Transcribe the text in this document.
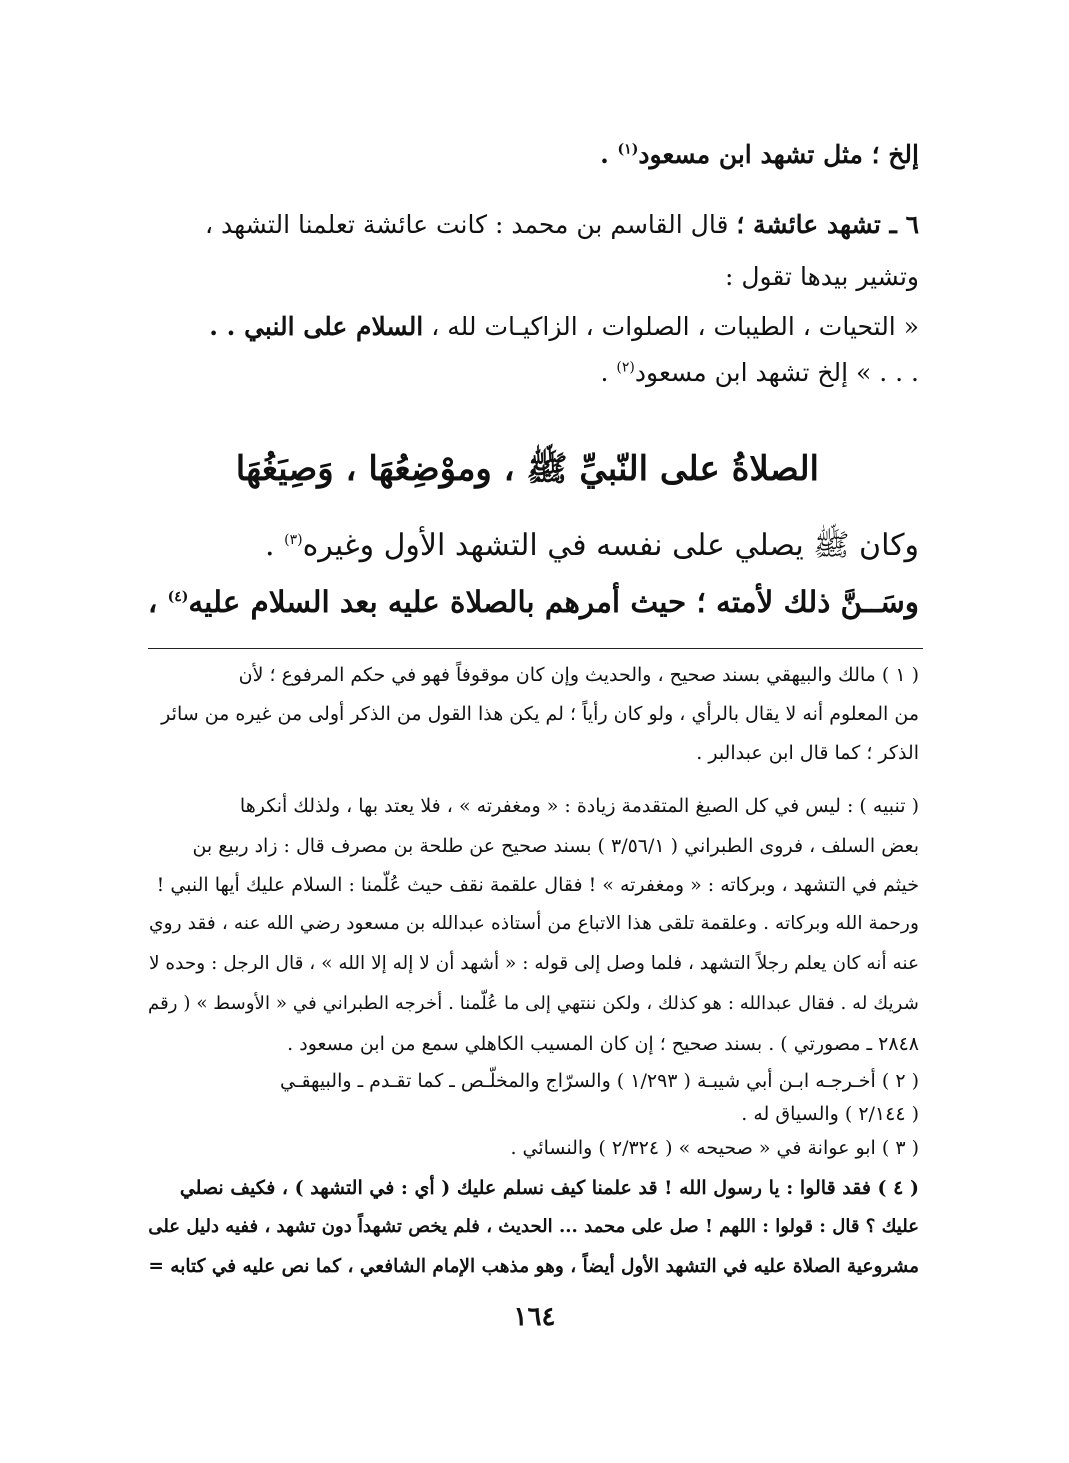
إلخ ؛ مثل تشهد ابن مسعود$^{(١)}$ .
٦ ـ تشهد عائشة ؛ قال القاسم بن محمد : كانت عائشة تعلمنا التشهد ،
وتشير بيدها تقول :
« التحيات ، الطيبات ، الصلوات ، الزاكيـات لله ، السلام على النبي . .
. . . » إلخ تشهد ابن مسعود$^{(٢)}$ .
الصلاةُ على النّبيِّ ﷺ ، وموْضِعُهَا ، وَصِيَغُهَا
وكان ﷺ يصلي على نفسه في التشهد الأول وغيره$^{(٣)}$ .
وسَــنَّ ذلك لأمته ؛ حيث أمرهم بالصلاة عليه بعد السلام عليه$^{(٤)}$ ،
( ١ ) مالك والبيهقي بسند صحيح ، والحديث وإن كان موقوفاً فهو في حكم المرفوع ؛ لأن
من المعلوم أنه لا يقال بالرأي ، ولو كان رأياً ؛ لم يكن هذا القول من الذكر أولى من غيره من سائر
الذكر ؛ كما قال ابن عبدالبر .
( تنبيه ) : ليس في كل الصيغ المتقدمة زيادة : « ومغفرته » ، فلا يعتد بها ، ولذلك أنكرها
بعض السلف ، فروى الطبراني ( ٣/٥٦/١ ) بسند صحيح عن طلحة بن مصرف قال : زاد ربيع بن
خيثم في التشهد ، وبركاته : « ومغفرته » ! فقال علقمة نقف حيث عُلّمنا : السلام عليك أيها النبي !
ورحمة الله وبركاته . وعلقمة تلقى هذا الاتباع من أستاذه عبدالله بن مسعود رضي الله عنه ، فقد روي
عنه أنه كان يعلم رجلاً التشهد ، فلما وصل إلى قوله : « أشهد أن لا إله إلا الله » ، قال الرجل : وحده لا
شريك له . فقال عبدالله : هو كذلك ، ولكن ننتهي إلى ما عُلّمنا . أخرجه الطبراني في « الأوسط » ( رقم
٢٨٤٨ ـ مصورتي ) . بسند صحيح ؛ إن كان المسيب الكاهلي سمع من ابن مسعود .
( ٢ ) أخـرجـه ابـن أبي شيبـة ( ١/٢٩٣ ) والسرّاج والمخلّـص ـ كما تقـدم ـ والبيهقـي
( ٢/١٤٤ ) والسياق له .
( ٣ ) ابو عوانة في « صحيحه » ( ٢/٣٢٤ ) والنسائي .
( ٤ ) فقد قالوا : يا رسول الله ! قد علمنا كيف نسلم عليك ( أي : في التشهد ) ، فكيف نصلي
عليك ؟ قال : قولوا : اللهم ! صل على محمد ... الحديث ، فلم يخص تشهداً دون تشهد ، ففيه دليل على
مشروعية الصلاة عليه في التشهد الأول أيضاً ، وهو مذهب الإمام الشافعي ، كما نص عليه في كتابه =
١٦٤
